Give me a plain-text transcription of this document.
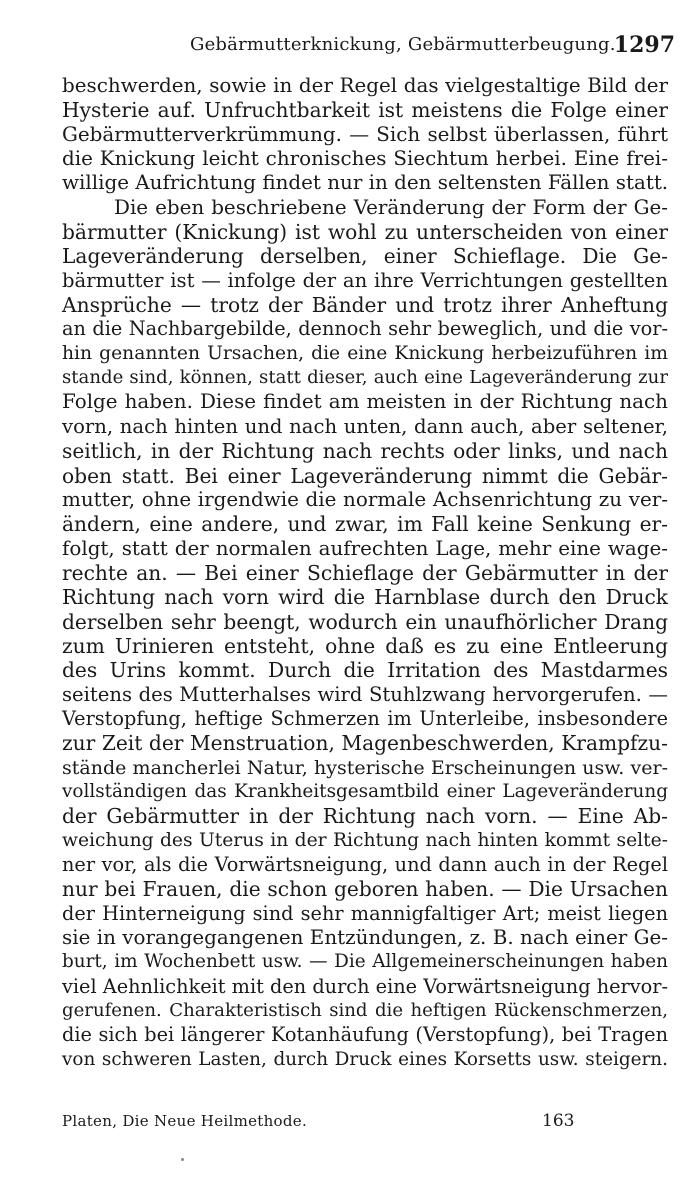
Gebärmutterknickung, Gebärmutterbeugung.
1297
beschwerden, sowie in der Regel das vielgestaltige Bild der
Hysterie auf. Unfruchtbarkeit ist meistens die Folge einer
Gebärmutterverkrümmung. — Sich selbst überlassen, führt
die Knickung leicht chronisches Siechtum herbei. Eine frei-
willige Aufrichtung findet nur in den seltensten Fällen statt.
Die eben beschriebene Veränderung der Form der Ge-
bärmutter (Knickung) ist wohl zu unterscheiden von einer
Lageveränderung derselben, einer Schieflage. Die Ge-
bärmutter ist — infolge der an ihre Verrichtungen gestellten
Ansprüche — trotz der Bänder und trotz ihrer Anheftung
an die Nachbargebilde, dennoch sehr beweglich, und die vor-
hin genannten Ursachen, die eine Knickung herbeizuführen im
stande sind, können, statt dieser, auch eine Lageveränderung zur
Folge haben. Diese findet am meisten in der Richtung nach
vorn, nach hinten und nach unten, dann auch, aber seltener,
seitlich, in der Richtung nach rechts oder links, und nach
oben statt. Bei einer Lageveränderung nimmt die Gebär-
mutter, ohne irgendwie die normale Achsenrichtung zu ver-
ändern, eine andere, und zwar, im Fall keine Senkung er-
folgt, statt der normalen aufrechten Lage, mehr eine wage-
rechte an. — Bei einer Schieflage der Gebärmutter in der
Richtung nach vorn wird die Harnblase durch den Druck
derselben sehr beengt, wodurch ein unaufhörlicher Drang
zum Urinieren entsteht, ohne daß es zu eine Entleerung
des Urins kommt. Durch die Irritation des Mastdarmes
seitens des Mutterhalses wird Stuhlzwang hervorgerufen. —
Verstopfung, heftige Schmerzen im Unterleibe, insbesondere
zur Zeit der Menstruation, Magenbeschwerden, Krampfzu-
stände mancherlei Natur, hysterische Erscheinungen usw. ver-
vollständigen das Krankheitsgesamtbild einer Lageveränderung
der Gebärmutter in der Richtung nach vorn. — Eine Ab-
weichung des Uterus in der Richtung nach hinten kommt selte-
ner vor, als die Vorwärtsneigung, und dann auch in der Regel
nur bei Frauen, die schon geboren haben. — Die Ursachen
der Hinterneigung sind sehr mannigfaltiger Art; meist liegen
sie in vorangegangenen Entzündungen, z. B. nach einer Ge-
burt, im Wochenbett usw. — Die Allgemeinerscheinungen haben
viel Aehnlichkeit mit den durch eine Vorwärtsneigung hervor-
gerufenen. Charakteristisch sind die heftigen Rückenschmerzen,
die sich bei längerer Kotanhäufung (Verstopfung), bei Tragen
von schweren Lasten, durch Druck eines Korsetts usw. steigern.
Platen, Die Neue Heilmethode.	163
